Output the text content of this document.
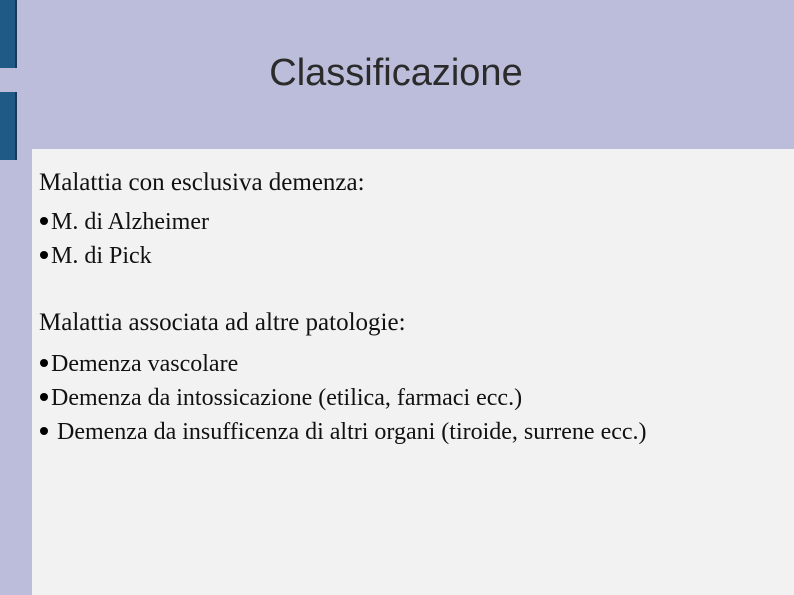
Classificazione
Malattia con esclusiva demenza:
M. di Alzheimer
M. di Pick
Malattia associata ad altre patologie:
Demenza vascolare
Demenza da intossicazione (etilica, farmaci ecc.)

Demenza da insufficenza di altri organi (tiroide, surrene ecc.)
